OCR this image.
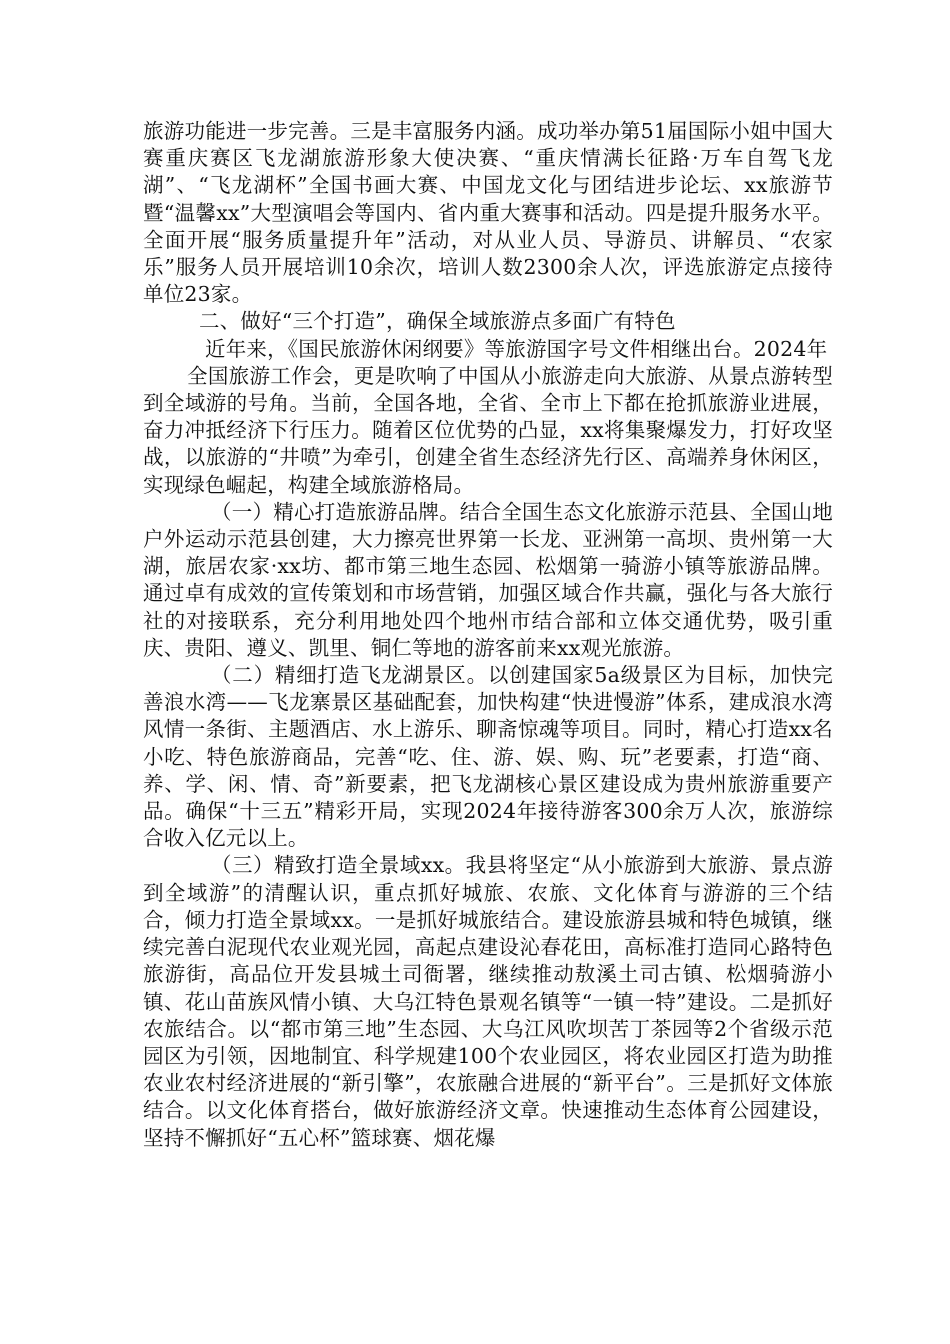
旅游功能进一步完善。三是丰富服务内涵。成功举办第51届国际小姐中国大赛重庆赛区飞龙湖旅游形象大使决赛、“重庆情满长征路·万车自驾飞龙湖”、“飞龙湖杯”全国书画大赛、中国龙文化与团结进步论坛、xx旅游节暨“温馨xx”大型演唱会等国内、省内重大赛事和活动。四是提升服务水平。全面开展“服务质量提升年”活动，对从业人员、导游员、讲解员、“农家乐”服务人员开展培训10余次，培训人数2300余人次，评选旅游定点接待单位23家。

二、做好“三个打造”，确保全域旅游点多面广有特色

近年来，《国民旅游休闲纲要》等旅游国字号文件相继出台。2024年

全国旅游工作会，更是吹响了中国从小旅游走向大旅游、从景点游转型到全域游的号角。当前，全国各地，全省、全市上下都在抢抓旅游业进展，奋力冲抵经济下行压力。随着区位优势的凸显，xx将集聚爆发力，打好攻坚战，以旅游的“井喷”为牵引，创建全省生态经济先行区、高端养身休闲区，实现绿色崛起，构建全域旅游格局。

（一）精心打造旅游品牌。结合全国生态文化旅游示范县、全国山地户外运动示范县创建，大力擦亮世界第一长龙、亚洲第一高坝、贵州第一大湖，旅居农家·xx坊、都市第三地生态园、松烟第一骑游小镇等旅游品牌。通过卓有成效的宣传策划和市场营销，加强区域合作共赢，强化与各大旅行社的对接联系，充分利用地处四个地州市结合部和立体交通优势，吸引重庆、贵阳、遵义、凯里、铜仁等地的游客前来xx观光旅游。

（二）精细打造飞龙湖景区。以创建国家5a级景区为目标，加快完善浪水湾——飞龙寨景区基础配套，加快构建“快进慢游”体系，建成浪水湾风情一条街、主题酒店、水上游乐、聊斋惊魂等项目。同时，精心打造xx名小吃、特色旅游商品，完善“吃、住、游、娱、购、玩”老要素，打造“商、养、学、闲、情、奇”新要素，把飞龙湖核心景区建设成为贵州旅游重要产品。确保“十三五”精彩开局，实现2024年接待游客300余万人次，旅游综合收入亿元以上。

（三）精致打造全景域xx。我县将坚定“从小旅游到大旅游、景点游到全域游”的清醒认识，重点抓好城旅、农旅、文化体育与游游的三个结合，倾力打造全景域xx。一是抓好城旅结合。建设旅游县城和特色城镇，继续完善白泥现代农业观光园，高起点建设沁春花田，高标准打造同心路特色旅游街，高品位开发县城土司衙署，继续推动敖溪土司古镇、松烟骑游小镇、花山苗族风情小镇、大乌江特色景观名镇等“一镇一特”建设。二是抓好农旅结合。以“都市第三地”生态园、大乌江风吹坝苦丁茶园等2个省级示范园区为引领，因地制宜、科学规建100个农业园区，将农业园区打造为助推农业农村经济进展的“新引擎”，农旅融合进展的“新平台”。三是抓好文体旅结合。以文化体育搭台，做好旅游经济文章。快速推动生态体育公园建设，坚持不懈抓好“五心杯”篮球赛、烟花爆
